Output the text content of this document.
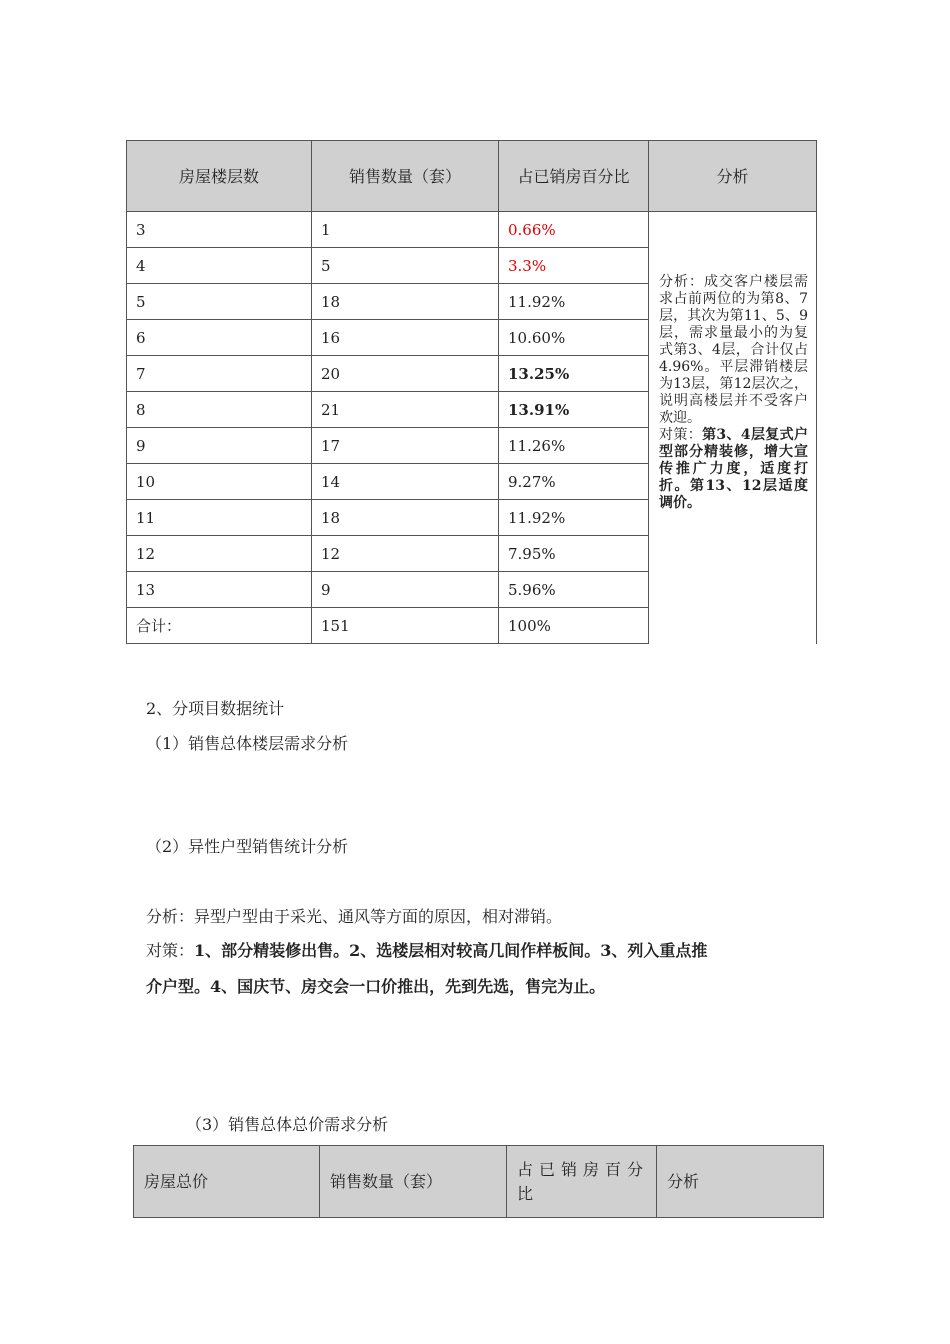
房屋楼层数	销售数量（套）	占已销房百分比	分析
3	1	0.66%	分析：成交客户楼层需求占前两位的为第8、7层，其次为第11、5、9层，需求量最小的为复式第3、4层，合计仅占4.96%。平层滞销楼层为13层，第12层次之，说明高楼层并不受客户欢迎。
对策：第3、4层复式户型部分精装修，增大宣传推广力度，适度打折。第13、12层适度调价。
4	5	3.3%	
5	18	11.92%	
6	16	10.60%	
7	20	13.25%	
8	21	13.91%	
9	17	11.26%	
10	14	9.27%	
11	18	11.92%	
12	12	7.95%	
13	9	5.96%	
合计：	151	100%	
2、分项目数据统计
（1）销售总体楼层需求分析
（2）异性户型销售统计分析
分析：异型户型由于采光、通风等方面的原因，相对滞销。
对策：1、部分精装修出售。2、选楼层相对较高几间作样板间。3、列入重点推
介户型。4、国庆节、房交会一口价推出，先到先选，售完为止。
（3）销售总体总价需求分析
房屋总价	销售数量（套）	占已销房百分比	分析
